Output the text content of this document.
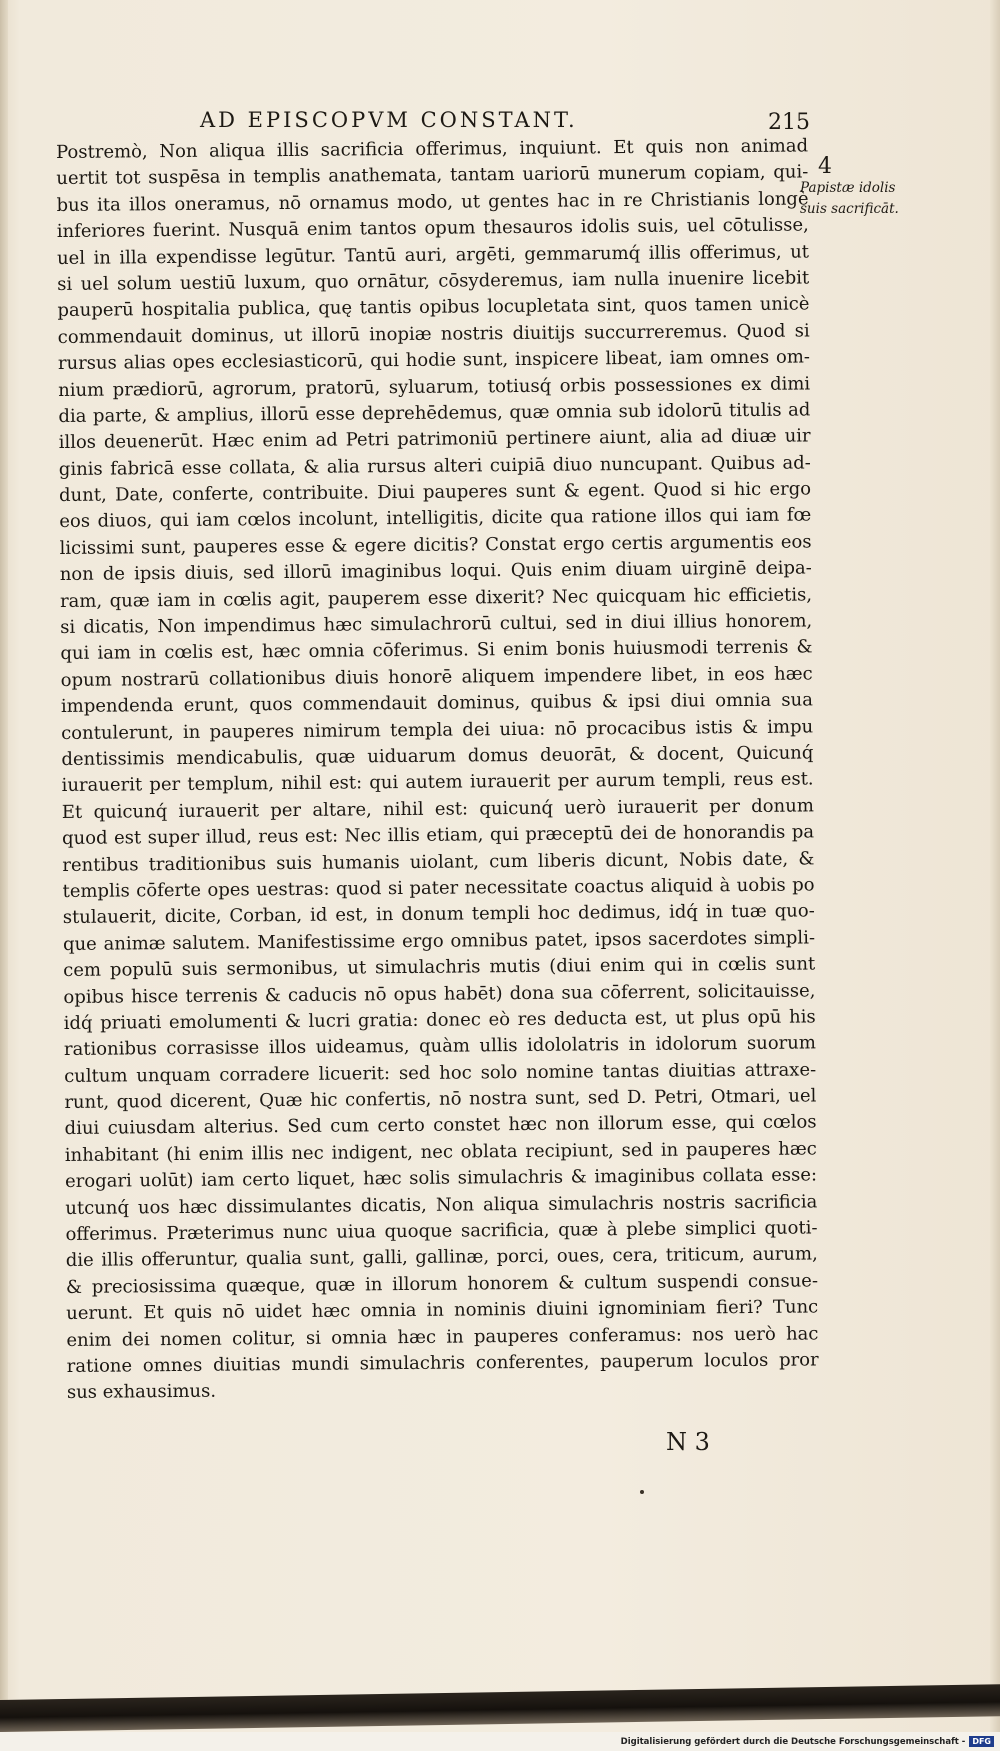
AD EPISCOPVM CONSTANT.	215
4
Papistæ idolis
suis sacrificāt.
Postremò, Non aliqua illis sacrificia offerimus, inquiunt. Et quis non animad
uertit tot suspēsa in templis anathemata, tantam uariorū munerum copiam, qui-
bus ita illos oneramus, nō ornamus modo, ut gentes hac in re Christianis longè
inferiores fuerint. Nusquā enim tantos opum thesauros idolis suis, uel cōtulisse,
uel in illa expendisse legūtur. Tantū auri, argēti, gemmarumq́ illis offerimus, ut
si uel solum uestiū luxum, quo ornātur, cōsyderemus, iam nulla inuenire licebit
pauperū hospitalia publica, quę tantis opibus locupletata sint, quos tamen unicè
commendauit dominus, ut illorū inopiæ nostris diuitijs succurreremus. Quod si
rursus alias opes ecclesiasticorū, qui hodie sunt, inspicere libeat, iam omnes om-
nium prædiorū, agrorum, pratorū, syluarum, totiusq́ orbis possessiones ex dimi
dia parte, & amplius, illorū esse deprehēdemus, quæ omnia sub idolorū titulis ad
illos deuenerūt. Hæc enim ad Petri patrimoniū pertinere aiunt, alia ad diuæ uir
ginis fabricā esse collata, & alia rursus alteri cuipiā diuo nuncupant. Quibus ad-
dunt, Date, conferte, contribuite. Diui pauperes sunt & egent. Quod si hic ergo
eos diuos, qui iam cœlos incolunt, intelligitis, dicite qua ratione illos qui iam fœ
licissimi sunt, pauperes esse & egere dicitis? Constat ergo certis argumentis eos
non de ipsis diuis, sed illorū imaginibus loqui. Quis enim diuam uirginē deipa-
ram, quæ iam in cœlis agit, pauperem esse dixerit? Nec quicquam hic efficietis,
si dicatis, Non impendimus hæc simulachrorū cultui, sed in diui illius honorem,
qui iam in cœlis est, hæc omnia cōferimus. Si enim bonis huiusmodi terrenis &
opum nostrarū collationibus diuis honorē aliquem impendere libet, in eos hæc
impendenda erunt, quos commendauit dominus, quibus & ipsi diui omnia sua
contulerunt, in pauperes nimirum templa dei uiua: nō procacibus istis & impu
dentissimis mendicabulis, quæ uiduarum domus deuorāt, & docent, Quicunq́
iurauerit per templum, nihil est: qui autem iurauerit per aurum templi, reus est.
Et quicunq́ iurauerit per altare, nihil est: quicunq́ uerò iurauerit per donum
quod est super illud, reus est: Nec illis etiam, qui præceptū dei de honorandis pa
rentibus traditionibus suis humanis uiolant, cum liberis dicunt, Nobis date, &
templis cōferte opes uestras: quod si pater necessitate coactus aliquid à uobis po
stulauerit, dicite, Corban, id est, in donum templi hoc dedimus, idq́ in tuæ quo-
que animæ salutem. Manifestissime ergo omnibus patet, ipsos sacerdotes simpli-
cem populū suis sermonibus, ut simulachris mutis (diui enim qui in cœlis sunt
opibus hisce terrenis & caducis nō opus habēt) dona sua cōferrent, solicitauisse,
idq́ priuati emolumenti & lucri gratia: donec eò res deducta est, ut plus opū his
rationibus corrasisse illos uideamus, quàm ullis idololatris in idolorum suorum
cultum unquam corradere licuerit: sed hoc solo nomine tantas diuitias attraxe-
runt, quod dicerent, Quæ hic confertis, nō nostra sunt, sed D. Petri, Otmari, uel
diui cuiusdam alterius. Sed cum certo constet hæc non illorum esse, qui cœlos
inhabitant (hi enim illis nec indigent, nec oblata recipiunt, sed in pauperes hæc
erogari uolūt) iam certo liquet, hæc solis simulachris & imaginibus collata esse:
utcunq́ uos hæc dissimulantes dicatis, Non aliqua simulachris nostris sacrificia
offerimus. Præterimus nunc uiua quoque sacrificia, quæ à plebe simplici quoti-
die illis offeruntur, qualia sunt, galli, gallinæ, porci, oues, cera, triticum, aurum,
& preciosissima quæque, quæ in illorum honorem & cultum suspendi consue-
uerunt. Et quis nō uidet hæc omnia in nominis diuini ignominiam fieri? Tunc
enim dei nomen colitur, si omnia hæc in pauperes conferamus: nos uerò hac
ratione omnes diuitias mundi simulachris conferentes, pauperum loculos pror
sus exhausimus.
N 3
Digitalisierung gefördert durch die Deutsche Forschungsgemeinschaft - DFG
